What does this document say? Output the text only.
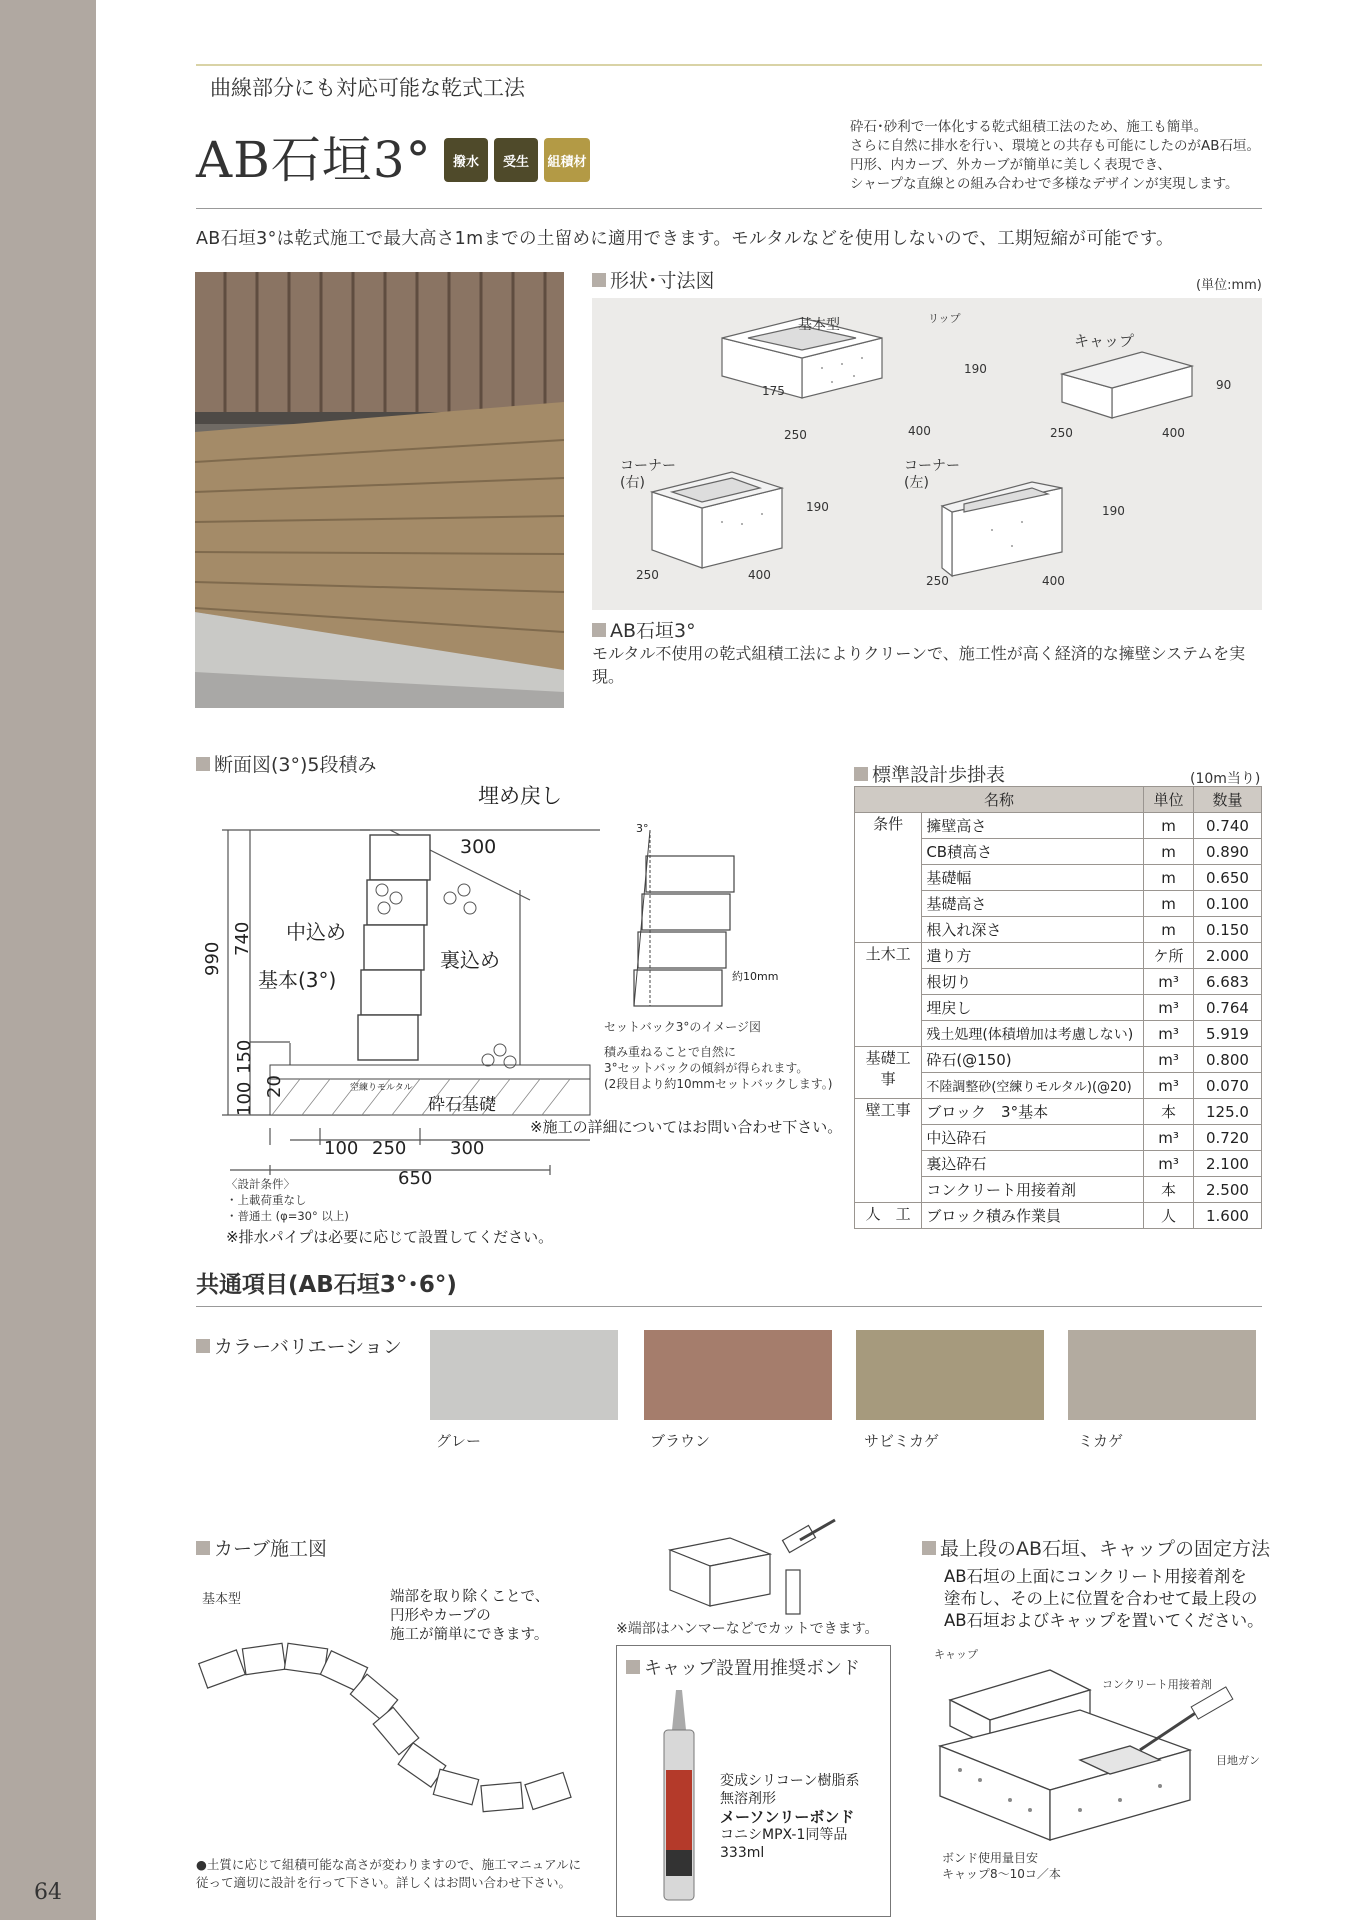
64
曲線部分にも対応可能な乾式工法
AB石垣3°	撥水	受生	組積材
砕石･砂利で一体化する乾式組積工法のため、施工も簡単。
さらに自然に排水を行い、環境との共存も可能にしたのがAB石垣。
円形、内カーブ、外カーブが簡単に美しく表現でき、
シャープな直線との組み合わせで多様なデザインが実現します。
AB石垣3°は乾式施工で最大高さ1mまでの土留めに適用できます。モルタルなどを使用しないので、工期短縮が可能です。
形状･寸法図	(単位:mm)
基本型	リップ
キャップ
190
175
250	400
90
250	400
コーナー
(右)
コーナー
(左)
190
250	400
190
250	400
AB石垣3°
モルタル不使用の乾式組積工法によりクリーンで、施工性が高く経済的な擁壁システムを実現。
断面図(3°)5段積み
埋め戻し
300
中込め
裏込め
基本(3°)
空練りモルタル
砕石基礎
990
740
150
100 20
100 250 300
650
3°
約10mm
セットバック3°のイメージ図
積み重ねることで自然に
3°セットバックの傾斜が得られます。
(2段目より約10mmセットバックします。)
※施工の詳細についてはお問い合わせ下さい。
〈設計条件〉
・上載荷重なし
・普通土 (φ=30° 以上)
※排水パイプは必要に応じて設置してください。
標準設計歩掛表	(10m当り)
名称		単位	数量
条件	擁壁高さ	m	0.740
	CB積高さ	m	0.890
	基礎幅	m	0.650
	基礎高さ	m	0.100
	根入れ深さ	m	0.150
土木工	遣り方	ケ所	2.000
	根切り	m³	6.683
	埋戻し	m³	0.764
	残土処理(体積増加は考慮しない)	m³	5.919
基礎工事	砕石(@150)	m³	0.800
	不陸調整砂(空練りモルタル)(@20)	m³	0.070
壁工事	ブロック　3°基本	本	125.0
	中込砕石	m³	0.720
	裏込砕石	m³	2.100
	コンクリート用接着剤	本	2.500
人　工	ブロック積み作業員	人	1.600
共通項目(AB石垣3°･6°)
カラーバリエーション
グレー	ブラウン	サビミカゲ	ミカゲ
カーブ施工図
基本型	端部を取り除くことで、
円形やカーブの
施工が簡単にできます。
●土質に応じて組積可能な高さが変わりますので、施工マニュアルに
従って適切に設計を行って下さい。詳しくはお問い合わせ下さい。
※端部はハンマーなどでカットできます。
キャップ設置用推奨ボンド
変成シリコーン樹脂系
無溶剤形
メーソンリーボンド
コニシMPX-1同等品
333ml
最上段のAB石垣、キャップの固定方法
AB石垣の上面にコンクリート用接着剤を
塗布し、その上に位置を合わせて最上段の
AB石垣およびキャップを置いてください。
キャップ
コンクリート用接着剤
目地ガン
ボンド使用量目安
キャップ8～10コ／本
